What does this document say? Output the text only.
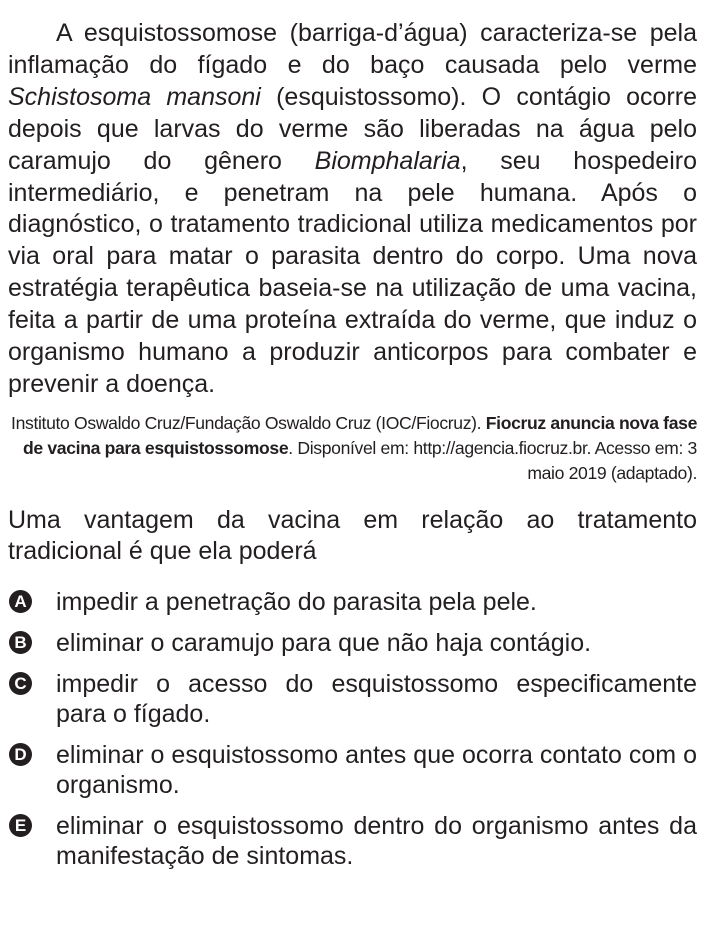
A esquistossomose (barriga-d’água) caracteriza-se pela inflamação do fígado e do baço causada pelo verme Schistosoma mansoni (esquistossomo). O contágio ocorre depois que larvas do verme são liberadas na água pelo caramujo do gênero Biomphalaria, seu hospedeiro intermediário, e penetram na pele humana. Após o diagnóstico, o tratamento tradicional utiliza medicamentos por via oral para matar o parasita dentro do corpo. Uma nova estratégia terapêutica baseia-se na utilização de uma vacina, feita a partir de uma proteína extraída do verme, que induz o organismo humano a produzir anticorpos para combater e prevenir a doença.

Instituto Oswaldo Cruz/Fundação Oswaldo Cruz (IOC/Fiocruz). Fiocruz anuncia nova fase de vacina para esquistossomose. Disponível em: http://agencia.fiocruz.br. Acesso em: 3 maio 2019 (adaptado).

Uma vantagem da vacina em relação ao tratamento tradicional é que ela poderá

A impedir a penetração do parasita pela pele.
B eliminar o caramujo para que não haja contágio.
C impedir o acesso do esquistossomo especificamente para o fígado.
D eliminar o esquistossomo antes que ocorra contato com o organismo.
E eliminar o esquistossomo dentro do organismo antes da manifestação de sintomas.
